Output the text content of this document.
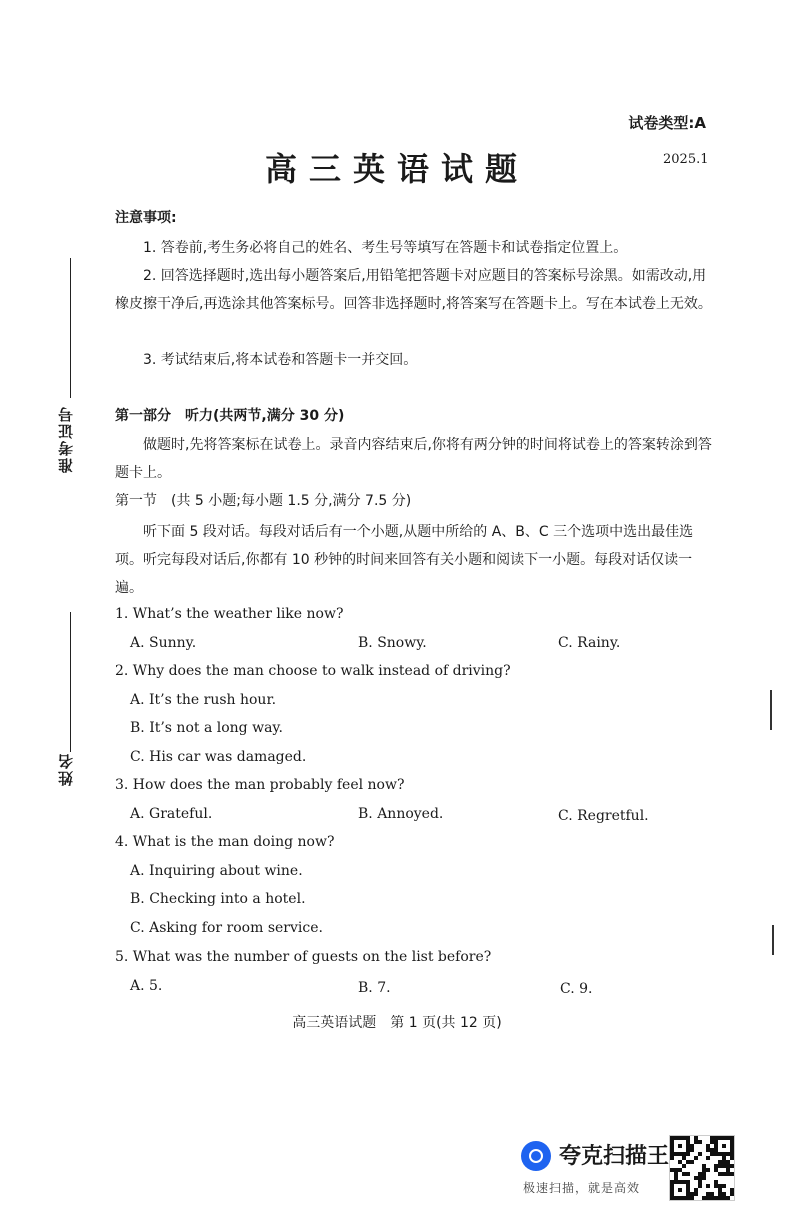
准考证号
姓名
试卷类型:A
高三英语试题	2025.1
注意事项:
1. 答卷前,考生务必将自己的姓名、考生号等填写在答题卡和试卷指定位置上。
2. 回答选择题时,选出每小题答案后,用铅笔把答题卡对应题目的答案标号涂黑。如需改动,用橡皮擦干净后,再选涂其他答案标号。回答非选择题时,将答案写在答题卡上。写在本试卷上无效。
3. 考试结束后,将本试卷和答题卡一并交回。
第一部分　听力(共两节,满分 30 分)
做题时,先将答案标在试卷上。录音内容结束后,你将有两分钟的时间将试卷上的答案转涂到答题卡上。
第一节　(共 5 小题;每小题 1.5 分,满分 7.5 分)
听下面 5 段对话。每段对话后有一个小题,从题中所给的 A、B、C 三个选项中选出最佳选项。听完每段对话后,你都有 10 秒钟的时间来回答有关小题和阅读下一小题。每段对话仅读一遍。
1. What’s the weather like now?
A. Sunny.	B. Snowy.	C. Rainy.
2. Why does the man choose to walk instead of driving?
A. It’s the rush hour.
B. It’s not a long way.
C. His car was damaged.
3. How does the man probably feel now?
A. Grateful.	B. Annoyed.	C. Regretful.
4. What is the man doing now?
A. Inquiring about wine.
B. Checking into a hotel.
C. Asking for room service.
5. What was the number of guests on the list before?
A. 5.	B. 7.	C. 9.
高三英语试题　第 1 页(共 12 页)
夸克扫描王
极速扫描，就是高效
